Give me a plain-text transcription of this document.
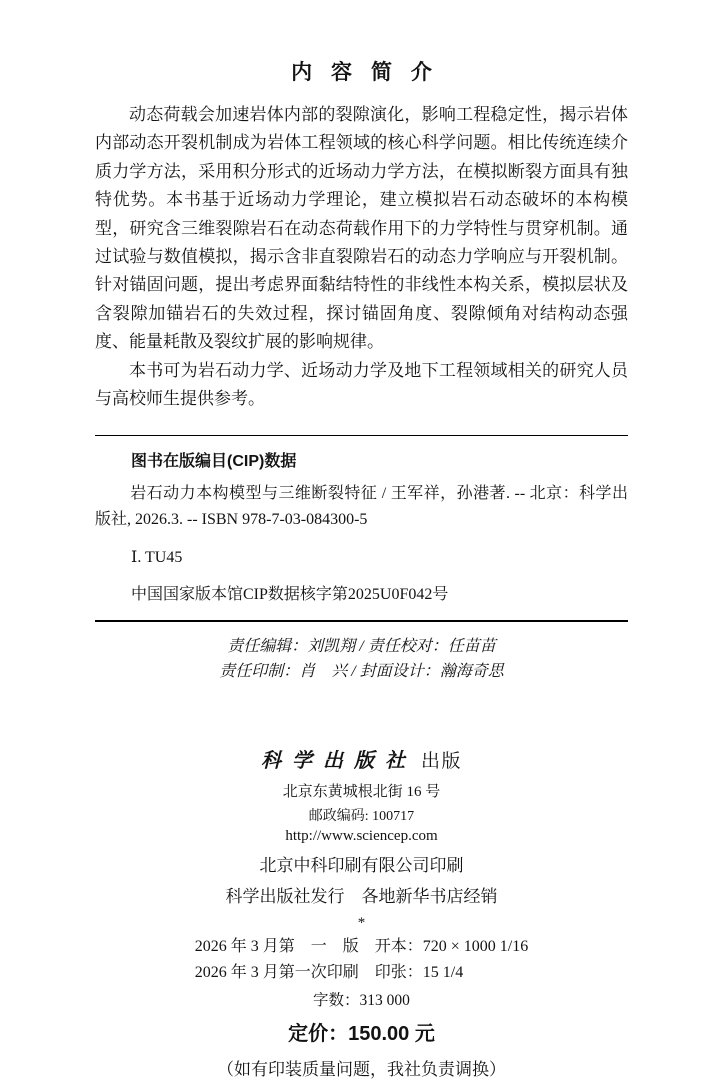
内容简介

动态荷载会加速岩体内部的裂隙演化，影响工程稳定性，揭示岩体内部动态开裂机制成为岩体工程领域的核心科学问题。相比传统连续介质力学方法，采用积分形式的近场动力学方法，在模拟断裂方面具有独特优势。本书基于近场动力学理论，建立模拟岩石动态破坏的本构模型，研究含三维裂隙岩石在动态荷载作用下的力学特性与贯穿机制。通过试验与数值模拟，揭示含非直裂隙岩石的动态力学响应与开裂机制。针对锚固问题，提出考虑界面黏结特性的非线性本构关系，模拟层状及含裂隙加锚岩石的失效过程，探讨锚固角度、裂隙倾角对结构动态强度、能量耗散及裂纹扩展的影响规律。

本书可为岩石动力学、近场动力学及地下工程领域相关的研究人员与高校师生提供参考。

图书在版编目(CIP)数据

岩石动力本构模型与三维断裂特征 / 王军祥，孙港著. -- 北京：科学出版社, 2026.3. -- ISBN 978-7-03-084300-5

Ⅰ. TU45

中国国家版本馆CIP数据核字第2025U0F042号

责任编辑：刘凯翔 / 责任校对：任苗苗

责任印制：肖　兴 / 封面设计：瀚海奇思

科学出版社 出版

北京东黄城根北街 16 号

邮政编码: 100717

http://www.sciencep.com

北京中科印刷有限公司印刷

科学出版社发行　各地新华书店经销

*

2026 年 3 月第　一　版　开本：720 × 1000 1/16

2026 年 3 月第一次印刷　印张：15 1/4

字数：313 000

定价：150.00 元

（如有印装质量问题，我社负责调换）
